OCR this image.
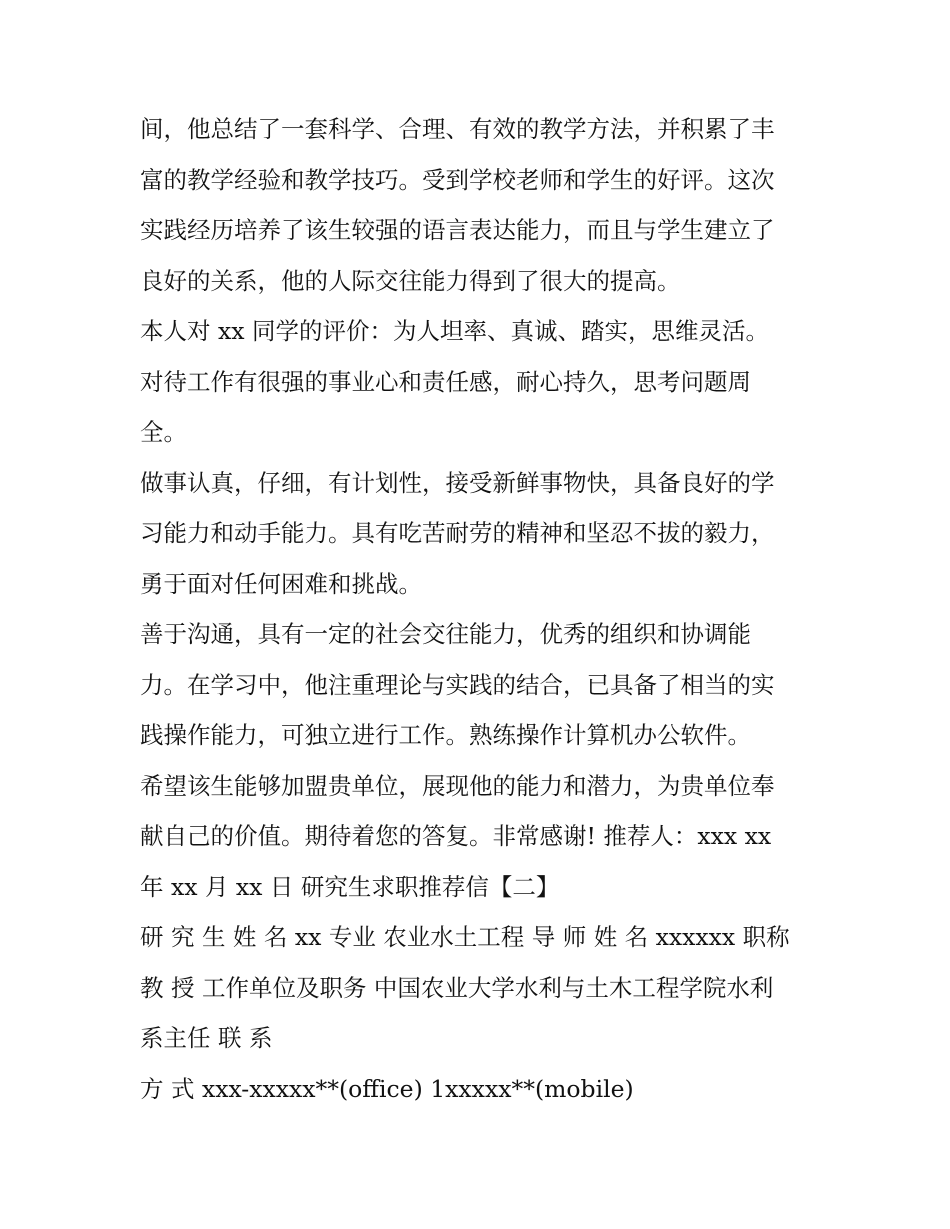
间，他总结了一套科学、合理、有效的教学方法，并积累了丰
富的教学经验和教学技巧。受到学校老师和学生的好评。这次
实践经历培养了该生较强的语言表达能力，而且与学生建立了
良好的关系，他的人际交往能力得到了很大的提高。
本人对 xx 同学的评价：为人坦率、真诚、踏实，思维灵活。
对待工作有很强的事业心和责任感，耐心持久，思考问题周
全。
做事认真，仔细，有计划性，接受新鲜事物快，具备良好的学
习能力和动手能力。具有吃苦耐劳的精神和坚忍不拔的毅力，
勇于面对任何困难和挑战。
善于沟通，具有一定的社会交往能力，优秀的组织和协调能
力。在学习中，他注重理论与实践的结合，已具备了相当的实
践操作能力，可独立进行工作。熟练操作计算机办公软件。
希望该生能够加盟贵单位，展现他的能力和潜力，为贵单位奉
献自己的价值。期待着您的答复。非常感谢! 推荐人：xxx xx
年 xx 月 xx 日 研究生求职推荐信【二】
研 究 生 姓 名 xx 专业 农业水土工程 导 师 姓 名 xxxxxx 职称
教 授 工作单位及职务 中国农业大学水利与土木工程学院水利
系主任 联 系
方 式 xxx-xxxxx**(office) 1xxxxx**(mobile)
